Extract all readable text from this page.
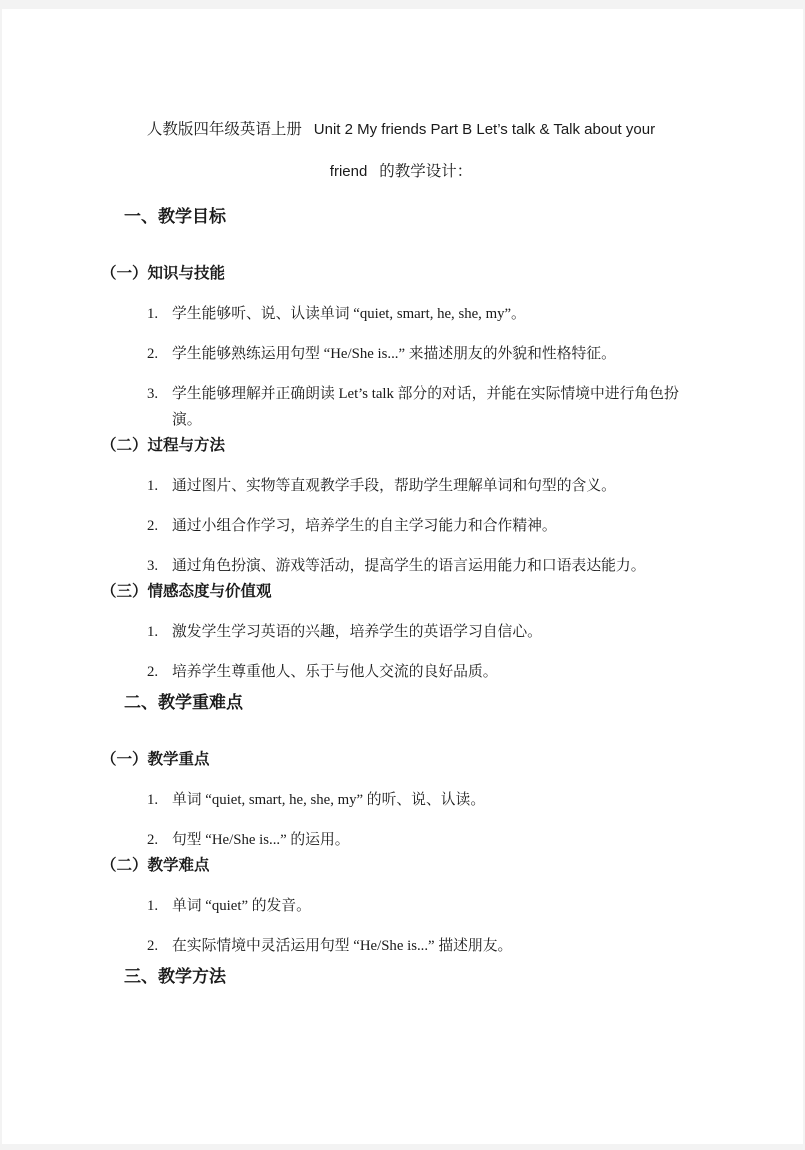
人教版四年级英语上册 Unit 2 My friends Part B Let’s talk & Talk about your
friend 的教学设计：
一、教学目标
（一）知识与技能
1. 学生能够听、说、认读单词 “quiet, smart, he, she, my”。
2. 学生能够熟练运用句型 “He/She is...” 来描述朋友的外貌和性格特征。
3. 学生能够理解并正确朗读 Let’s talk 部分的对话，并能在实际情境中进行角色扮演。
（二）过程与方法
1. 通过图片、实物等直观教学手段，帮助学生理解单词和句型的含义。
2. 通过小组合作学习，培养学生的自主学习能力和合作精神。
3. 通过角色扮演、游戏等活动，提高学生的语言运用能力和口语表达能力。
（三）情感态度与价值观
1. 激发学生学习英语的兴趣，培养学生的英语学习自信心。
2. 培养学生尊重他人、乐于与他人交流的良好品质。
二、教学重难点
（一）教学重点
1. 单词 “quiet, smart, he, she, my” 的听、说、认读。
2. 句型 “He/She is...” 的运用。
（二）教学难点
1. 单词 “quiet” 的发音。
2. 在实际情境中灵活运用句型 “He/She is...” 描述朋友。
三、教学方法
